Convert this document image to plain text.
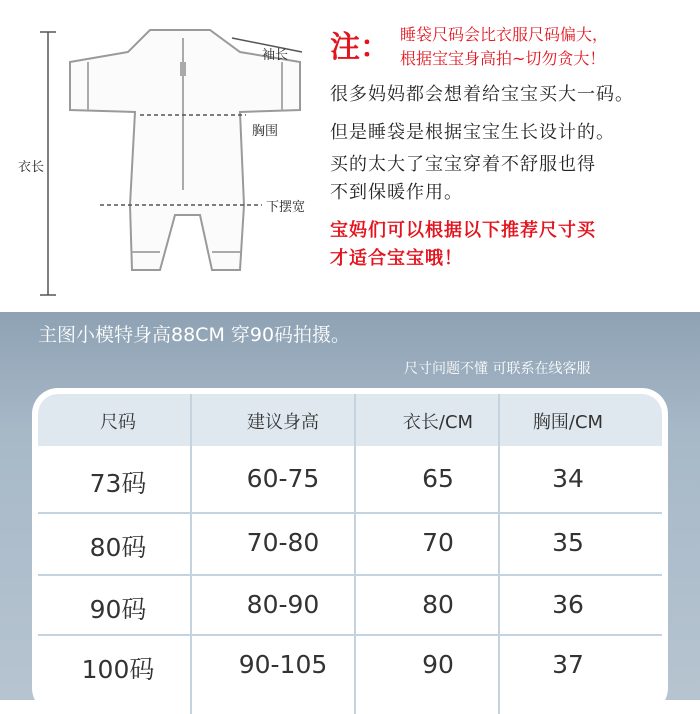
袖长
胸围
衣长
下摆宽
注： 睡袋尺码会比衣服尺码偏大，
根据宝宝身高拍~切勿贪大！
很多妈妈都会想着给宝宝买大一码。
但是睡袋是根据宝宝生长设计的。
买的太大了宝宝穿着不舒服也得
不到保暖作用。
宝妈们可以根据以下推荐尺寸买
才适合宝宝哦！
主图小模特身高88CM 穿90码拍摄。
尺寸问题不懂 可联系在线客服
尺码	建议身高	衣长/CM	胸围/CM
73码	60-75	65	34
80码	70-80	70	35
90码	80-90	80	36
100码	90-105	90	37
